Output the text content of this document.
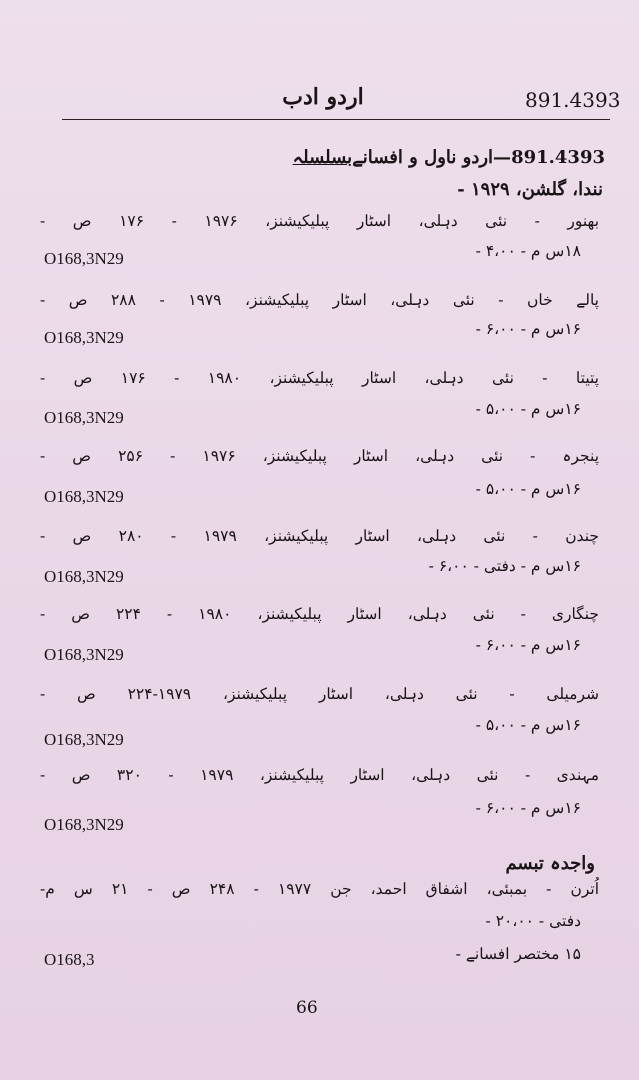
اردو ادب	891.4393
891.4393—اردو ناول و افسانےبسلسلہ
نندا، گلشن، ۱۹۲۹ -
بھنور - نئی دہلی، اسٹار پبلیکیشنز، ۱۹۷۶ - ۱۷۶ ص -
۱۸س م - ۴،۰۰ -
O168,3N29
پالے خاں - نئی دہلی، اسٹار پبلیکیشنز، ۱۹۷۹ - ۲۸۸ ص -
۱۶س م - ۶،۰۰ -
O168,3N29
پتیتا - نئی دہلی، اسٹار پبلیکیشنز، ۱۹۸۰ - ۱۷۶ ص -
۱۶س م - ۵،۰۰ -
O168,3N29
پنجرہ - نئی دہلی، اسٹار پبلیکیشنز، ۱۹۷۶ - ۲۵۶ ص -
۱۶س م - ۵،۰۰ -
O168,3N29
چندن - نئی دہلی، اسٹار پبلیکیشنز، ۱۹۷۹ - ۲۸۰ ص -
۱۶س م - دفتی - ۶،۰۰ -
O168,3N29
چنگاری - نئی دہلی، اسٹار پبلیکیشنز، ۱۹۸۰ - ۲۲۴ ص -
۱۶س م - ۶،۰۰ -
O168,3N29
شرمیلی - نئی دہلی، اسٹار پبلیکیشنز، ۱۹۷۹-۲۲۴ ص -
۱۶س م - ۵،۰۰ -
O168,3N29
مہندی - نئی دہلی، اسٹار پبلیکیشنز، ۱۹۷۹ - ۳۲۰ ص -
۱۶س م - ۶،۰۰ -
O168,3N29
واجدہ تبسم
اُترن - بمبئی، اشفاق احمد، جن ۱۹۷۷ - ۲۴۸ ص - ۲۱ س م-
دفتی - ۲۰،۰۰ -
۱۵ مختصر افسانے -
O168,3
66
